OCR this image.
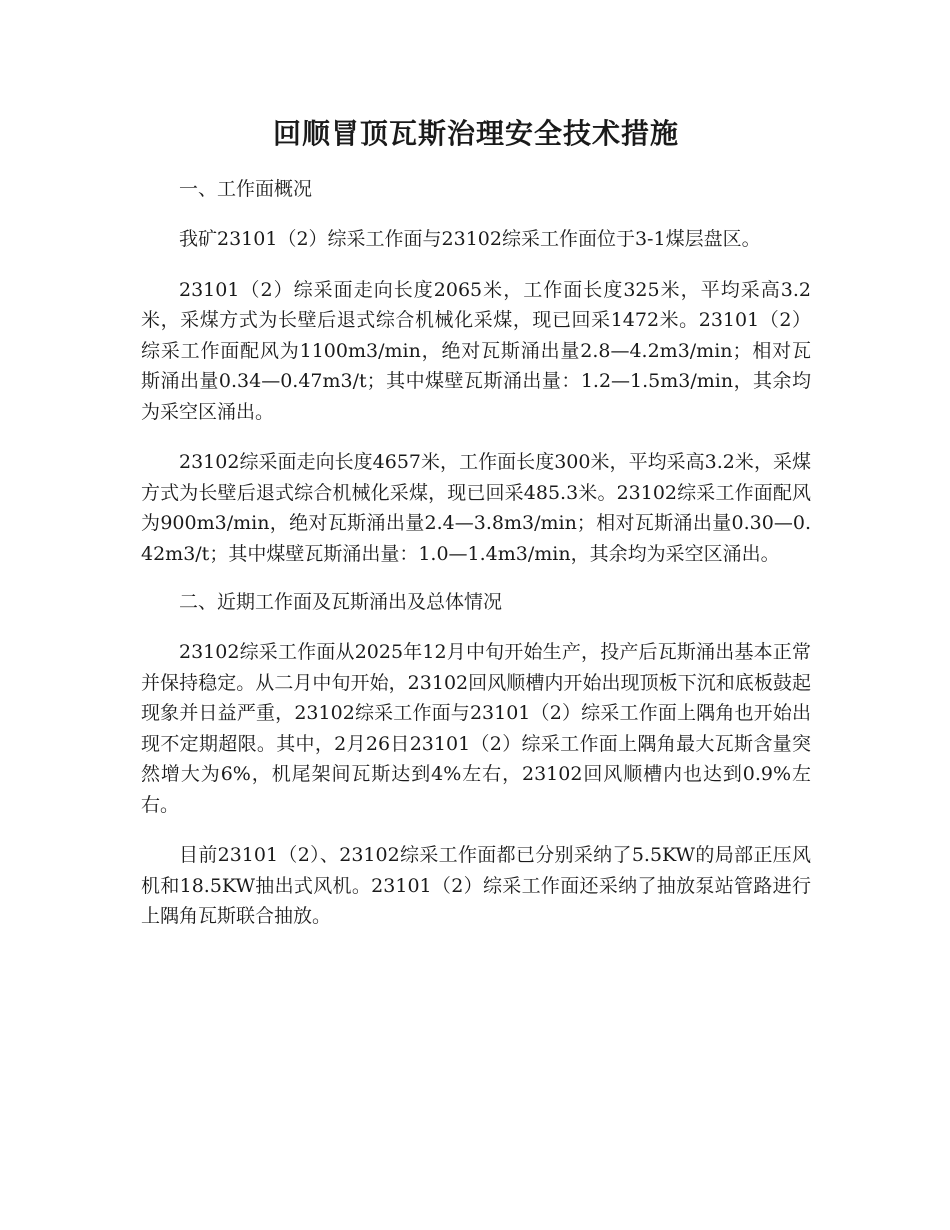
回顺冒顶瓦斯治理安全技术措施

一、工作面概况

我矿23101（2）综采工作面与23102综采工作面位于3-1煤层盘区。

23101（2）综采面走向长度2065米，工作面长度325米，平均采高3.2米，采煤方式为长壁后退式综合机械化采煤，现已回采1472米。23101（2）综采工作面配风为1100m3/min，绝对瓦斯涌出量2.8—4.2m3/min；相对瓦斯涌出量0.34—0.47m3/t；其中煤壁瓦斯涌出量：1.2—1.5m3/min，其余均为采空区涌出。

23102综采面走向长度4657米，工作面长度300米，平均采高3.2米，采煤方式为长壁后退式综合机械化采煤，现已回采485.3米。23102综采工作面配风为900m3/min，绝对瓦斯涌出量2.4—3.8m3/min；相对瓦斯涌出量0.30—0.42m3/t；其中煤壁瓦斯涌出量：1.0—1.4m3/min，其余均为采空区涌出。

二、近期工作面及瓦斯涌出及总体情况

23102综采工作面从2025年12月中旬开始生产，投产后瓦斯涌出基本正常并保持稳定。从二月中旬开始，23102回风顺槽内开始出现顶板下沉和底板鼓起现象并日益严重，23102综采工作面与23101（2）综采工作面上隅角也开始出现不定期超限。其中，2月26日23101（2）综采工作面上隅角最大瓦斯含量突然增大为6%，机尾架间瓦斯达到4%左右，23102回风顺槽内也达到0.9%左右。

目前23101（2）、23102综采工作面都已分别采纳了5.5KW的局部正压风机和18.5KW抽出式风机。23101（2）综采工作面还采纳了抽放泵站管路进行上隅角瓦斯联合抽放。
